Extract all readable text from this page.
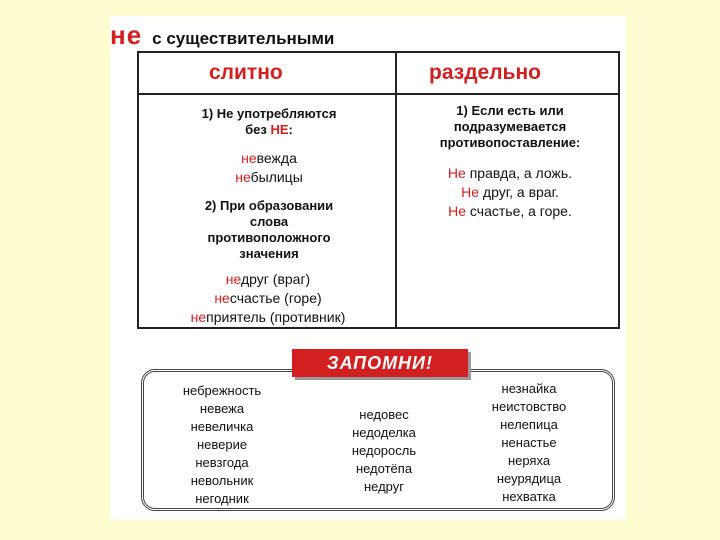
не с существительными
слитно	раздельно
1) Не употребляются
без НЕ:
невежда
небылицы
2) При образовании
слова
противоположного
значения
недруг (враг)
несчастье (горе)
неприятель (противник)
1) Если есть или
подразумевается
противопоставление:
Не правда, а ложь.
Не друг, а враг.
Не счастье, а горе.
небрежность
невежа
невеличка
неверие
невзгода
невольник
негодник
недовес
недоделка
недоросль
недотёпа
недруг
незнайка
неистовство
нелепица
ненастье
неряха
неурядица
нехватка
ЗАПОМНИ!
